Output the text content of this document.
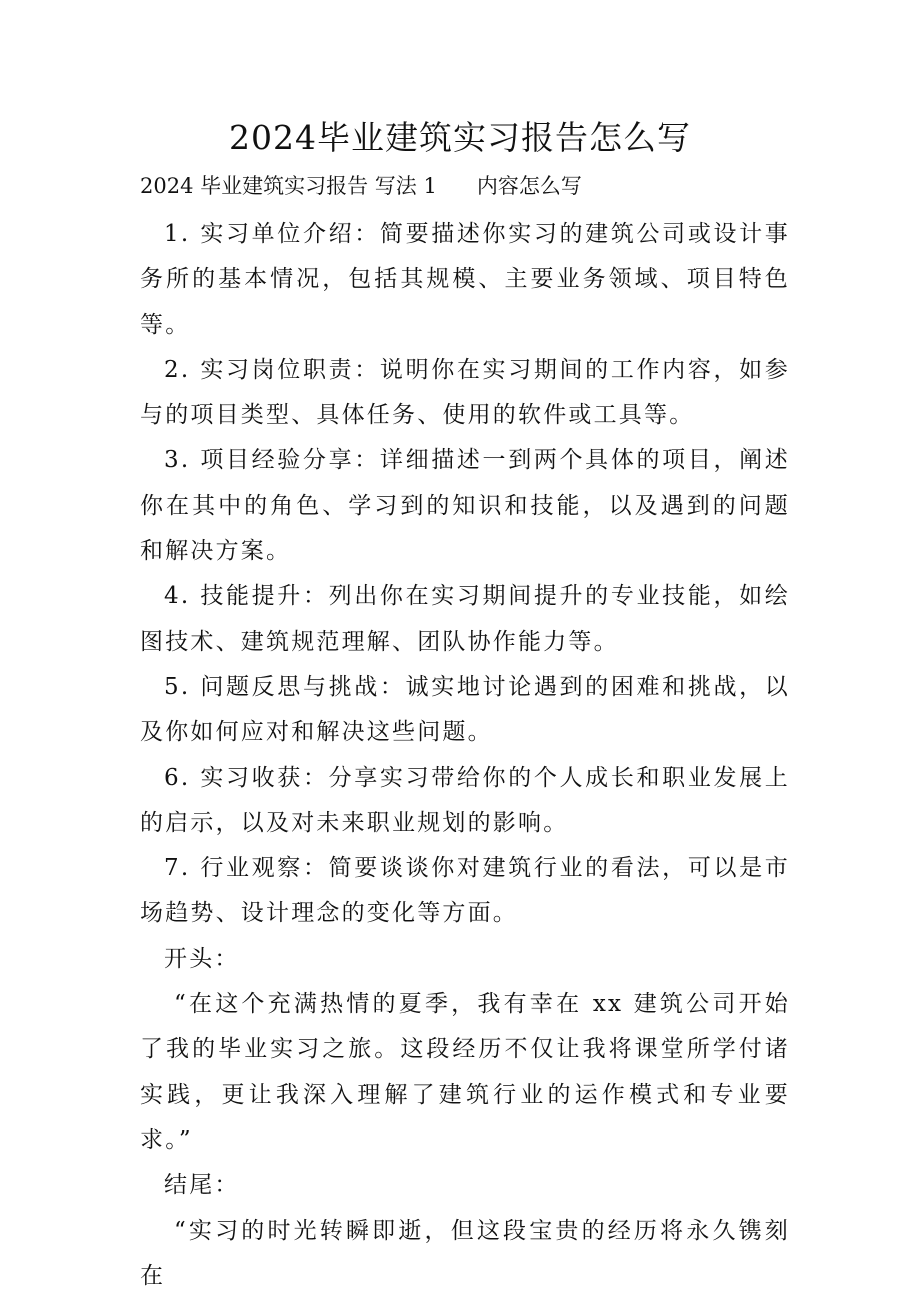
2024毕业建筑实习报告怎么写
2024 毕业建筑实习报告 写法 1      内容怎么写

1. 实习单位介绍：简要描述你实习的建筑公司或设计事务所的基本情况，包括其规模、主要业务领域、项目特色等。

2. 实习岗位职责：说明你在实习期间的工作内容，如参与的项目类型、具体任务、使用的软件或工具等。

3. 项目经验分享：详细描述一到两个具体的项目，阐述你在其中的角色、学习到的知识和技能，以及遇到的问题和解决方案。

4. 技能提升：列出你在实习期间提升的专业技能，如绘图技术、建筑规范理解、团队协作能力等。

5. 问题反思与挑战：诚实地讨论遇到的困难和挑战，以及你如何应对和解决这些问题。

6. 实习收获：分享实习带给你的个人成长和职业发展上的启示，以及对未来职业规划的影响。

7. 行业观察：简要谈谈你对建筑行业的看法，可以是市场趋势、设计理念的变化等方面。

开头：

“在这个充满热情的夏季，我有幸在 xx 建筑公司开始了我的毕业实习之旅。这段经历不仅让我将课堂所学付诸实践，更让我深入理解了建筑行业的运作模式和专业要求。”

结尾：

“实习的时光转瞬即逝，但这段宝贵的经历将永久镌刻在
